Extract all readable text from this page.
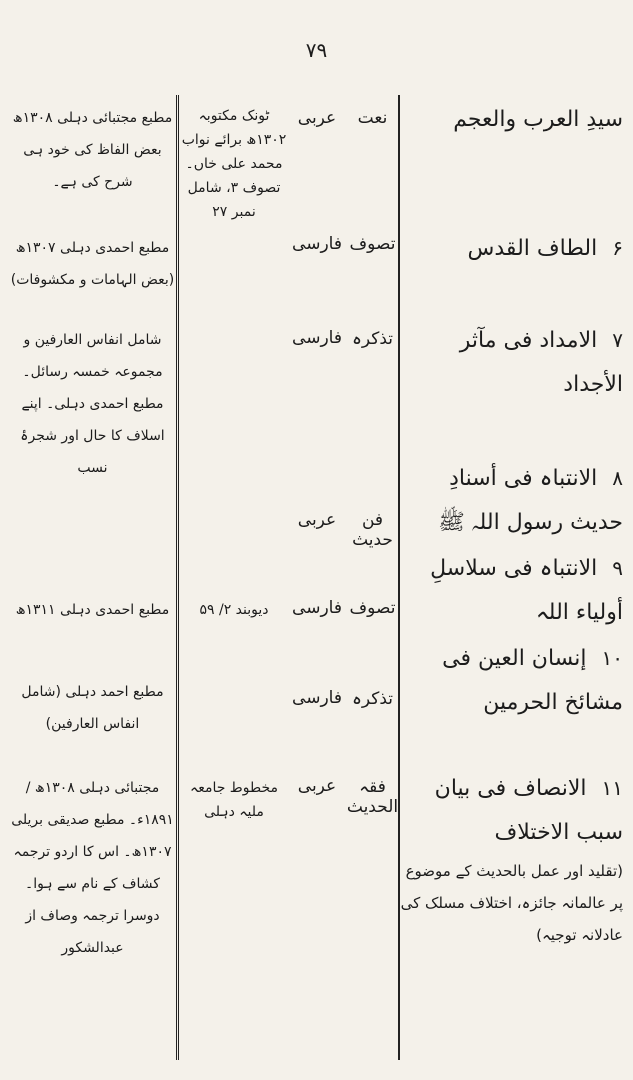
۷۹
سیدِ العرب والعجم
نعت
عربی
ٹونک مکتوبہ ۱۳۰۲ھ برائے نواب محمد علی خاں۔ تصوف ۳، شامل نمبر ۲۷
مطبع مجتبائی دہلی ۱۳۰۸ھ بعض الفاظ کی خود ہی شرح کی ہے۔
۶ الطاف القدس
تصوف
فارسی
مطبع احمدی دہلی ۱۳۰۷ھ (بعض الہامات و مکشوفات)
۷ الامداد فی مآثر
الأجداد
تذکرہ
فارسی
شامل انفاس العارفین و مجموعہ خمسہ رسائل۔ مطبع احمدی دہلی۔ اپنے اسلاف کا حال اور شجرۂ نسب	۸ الانتباہ فی أسنادِ
حدیث رسول اللہ ﷺ
فن حدیث
عربی
۹ الانتباہ فی سلاسلِ
أولیاء اللہ
تصوف
فارسی
دیوبند ۲/ ۵۹
مطبع احمدی دہلی ۱۳۱۱ھ
۱۰ إنسان العین فی
مشائخ الحرمین
تذکرہ
فارسی
مطبع احمد دہلی (شامل انفاس العارفین)
۱۱ الانصاف فی بیان
سبب الاختلاف
(تقلید اور عمل بالحدیث کے موضوع پر عالمانہ جائزہ، اختلاف مسلک کی عادلانہ توجیہ)
فقہ الحدیث
عربی
مخطوط جامعہ ملیہ دہلی
مجتبائی دہلی ۱۳۰۸ھ / ۱۸۹۱ء۔ مطبع صدیقی بریلی ۱۳۰۷ھ۔ اس کا اردو ترجمہ کشاف کے نام سے ہوا۔ دوسرا ترجمہ وصاف از عبدالشکور
